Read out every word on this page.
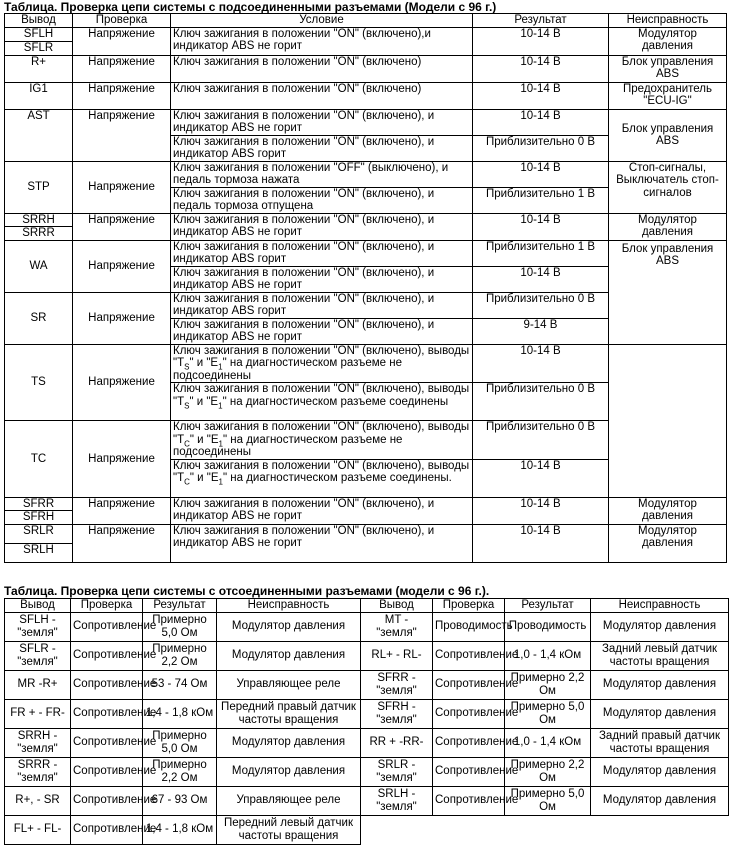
Таблица. Проверка цепи системы с подсоединенными разъемами (Модели с 96 г.)
Вывод	Проверка	Условие	Результат	Неисправность
SFLH	Напряжение	Ключ зажигания в положении "ON" (включено),и индикатор ABS не горит	10-14 В	Модулятор давления
SFLR				
R+	Напряжение	Ключ зажигания в положении "ON" (включено)	10-14 В	Блок управления ABS
IG1	Напряжение	Ключ зажигания в положении "ON" (включено)	10-14 В	Предохранитель "ECU-IG"
AST	Напряжение	Ключ зажигания в положении "ON" (включено), и индикатор ABS не горит	10-14 В	Блок управления ABS
		Ключ зажигания в положении "ON" (включено), и индикатор ABS горит	Приблизительно 0 В	
STP	Напряжение	Ключ зажигания в положении "OFF" (выключено), и педаль тормоза нажата	10-14 В	Стоп-сигналы, Выключатель стоп-сигналов
		Ключ зажигания в положении "ON" (включено), и педаль тормоза отпущена	Приблизительно 1 В	
SRRH	Напряжение	Ключ зажигания в положении "ON" (включено), и индикатор ABS не горит	10-14 В	Модулятор давления
SRRR				
WA	Напряжение	Ключ зажигания в положении "ON" (включено), и индикатор ABS горит	Приблизительно 1 В	Блок управления ABS
		Ключ зажигания в положении "ON" (включено), и индикатор ABS не горит	10-14 В	
SR	Напряжение	Ключ зажигания в положении "ON" (включено), и индикатор ABS горит	Приблизительно 0 В	
		Ключ зажигания в положении "ON" (включено), и индикатор ABS не горит	9-14 В	
TS	Напряжение	Ключ зажигания в положении "ON" (включено), выводы "$T_S$" и "$E_1$" на диагностическом разъеме не подсоединены	10-14 В	
		Ключ зажигания в положении "ON" (включено), выводы "$T_S$" и "$E_1$" на диагностическом разъеме соединены	Приблизительно 0 В	
TC	Напряжение	Ключ зажигания в положении "ON" (включено), выводы "$T_C$" и "$E_1$" на диагностическом разъеме не подсоединены	Приблизительно 0 В	
		Ключ зажигания в положении "ON" (включено), выводы "$T_C$" и "$E_1$" на диагностическом разъеме соединены.	10-14 В	
SFRR	Напряжение	Ключ зажигания в положении "ON" (включено), и индикатор ABS не горит	10-14 В	Модулятор давления
SFRH				
SRLR	Напряжение	Ключ зажигания в положении "ON" (включено), и индикатор ABS не горит	10-14 В	Модулятор давления
SRLH				
Таблица. Проверка цепи системы с отсоединенными разъемами (модели с 96 г.).
Вывод	Проверка	Результат	Неисправность	Вывод	Проверка	Результат	Неисправность
SFLH - "земля"	Сопротивление	Примерно 5,0 Ом	Модулятор давления	MT - "земля"	Проводимость	Проводимость	Модулятор давления
SFLR - "земля"	Сопротивление	Примерно 2,2 Ом	Модулятор давления	RL+ - RL-	Сопротивление	1,0 - 1,4 кОм	Задний левый датчик частоты вращения
MR -R+	Сопротивление	53 - 74 Ом	Управляющее реле	SFRR - "земля"	Сопротивление	Примерно 2,2 Ом	Модулятор давления
FR + - FR-	Сопротивление	1,4 - 1,8 кОм	Передний правый датчик частоты вращения	SFRH - "земля"	Сопротивление	Примерно 5,0 Ом	Модулятор давления
SRRH - "земля"	Сопротивление	Примерно 5,0 Ом	Модулятор давления	RR + -RR-	Сопротивление	1,0 - 1,4 кОм	Задний правый датчик частоты вращения
SRRR - "земля"	Сопротивление	Примерно 2,2 Ом	Модулятор давления	SRLR - "земля"	Сопротивление	Примерно 2,2 Ом	Модулятор давления
R+, - SR	Сопротивление	67 - 93 Ом	Управляющее реле	SRLH - "земля"	Сопротивление	Примерно 5,0 Ом	Модулятор давления
FL+ - FL-	Сопротивление	1,4 - 1,8 кОм	Передний левый датчик частоты вращения				
